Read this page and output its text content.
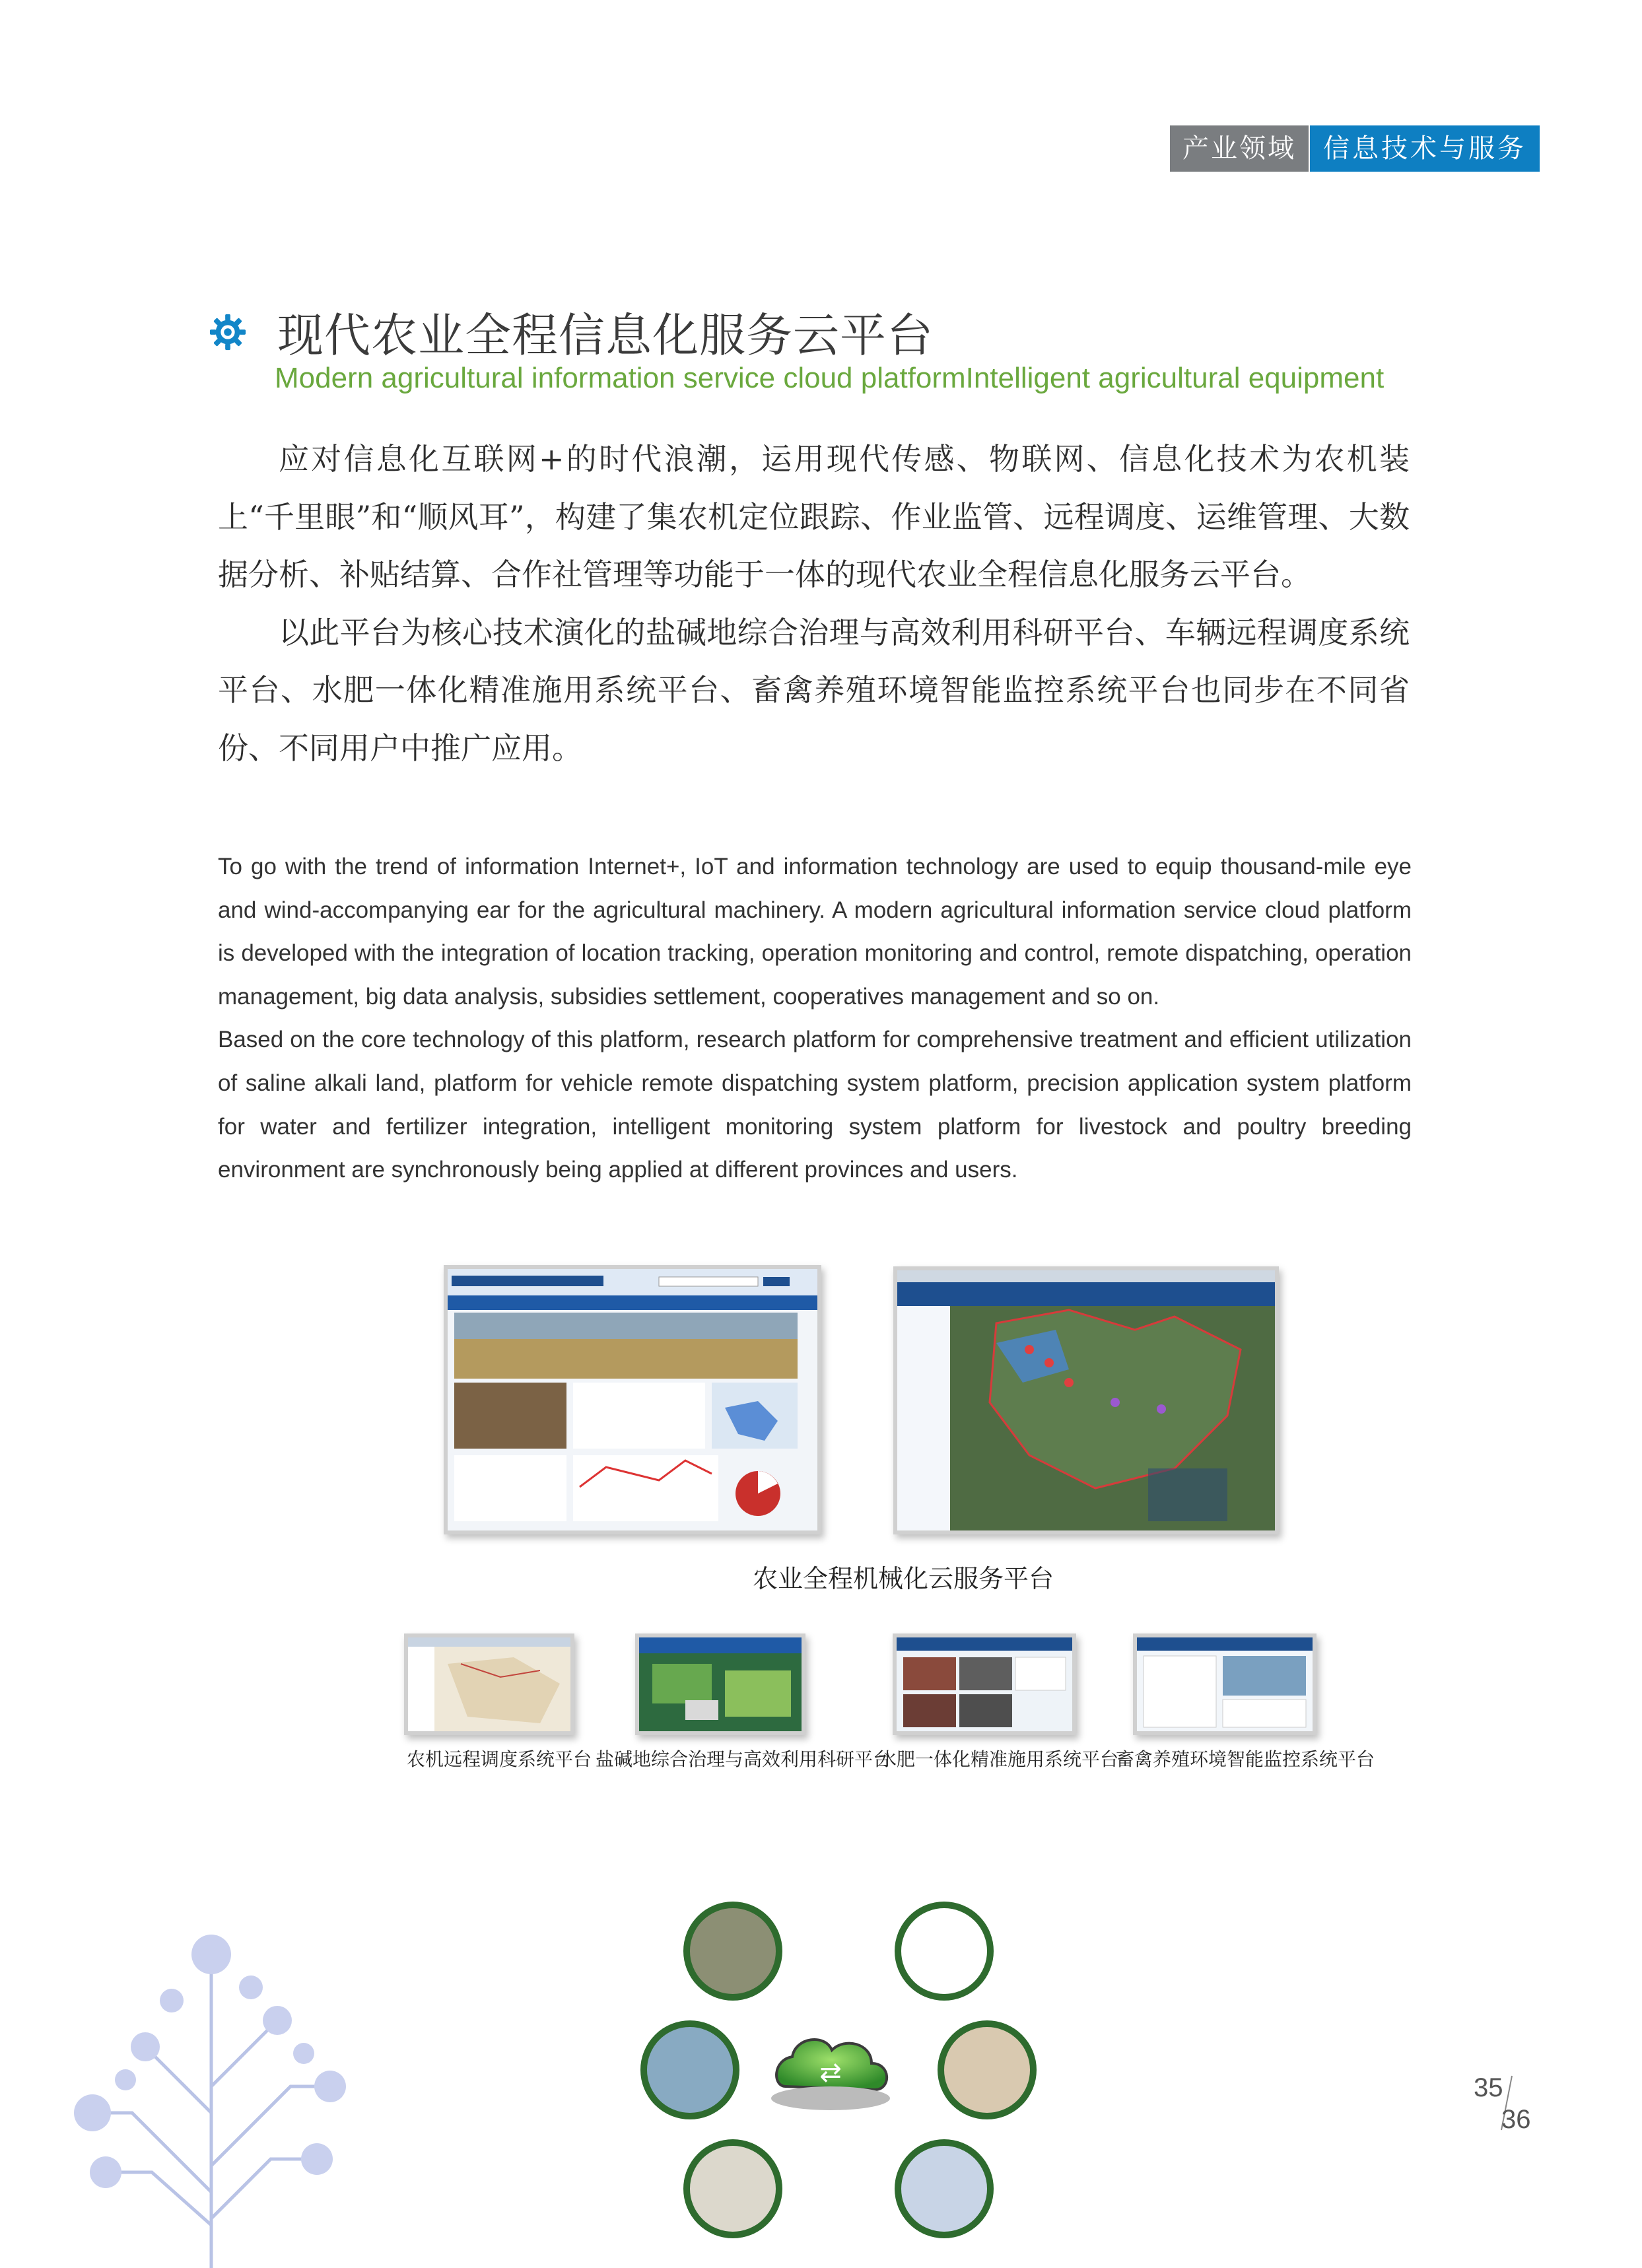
产业领域	信息技术与服务
现代农业全程信息化服务云平台
Modern agricultural information service cloud platformIntelligent agricultural equipment

应对信息化互联网+的时代浪潮，运用现代传感、物联网、信息化技术为农机装上“千里眼”和“顺风耳”，构建了集农机定位跟踪、作业监管、远程调度、运维管理、大数据分析、补贴结算、合作社管理等功能于一体的现代农业全程信息化服务云平台。

以此平台为核心技术演化的盐碱地综合治理与高效利用科研平台、车辆远程调度系统平台、水肥一体化精准施用系统平台、畜禽养殖环境智能监控系统平台也同步在不同省份、不同用户中推广应用。

To go with the trend of information Internet+, IoT and information technology are used to equip thousand-mile eye and wind-accompanying ear for the agricultural machinery. A modern agricultural information service cloud platform is developed with the integration of location tracking, operation monitoring and control, remote dispatching, operation management, big data analysis, subsidies settlement, cooperatives management and so on.

Based on the core technology of this platform, research platform for comprehensive treatment and efficient utilization of saline alkali land, platform for vehicle remote dispatching system platform, precision application system platform for water and fertilizer integration, intelligent monitoring system platform for livestock and poultry breeding environment are synchronously being applied at different provinces and users.

农业全程机械化云服务平台
农机远程调度系统平台 盐碱地综合治理与高效利用科研平台
水肥一体化精准施用系统平台
畜禽养殖环境智能监控系统平台
⇄	35
36
